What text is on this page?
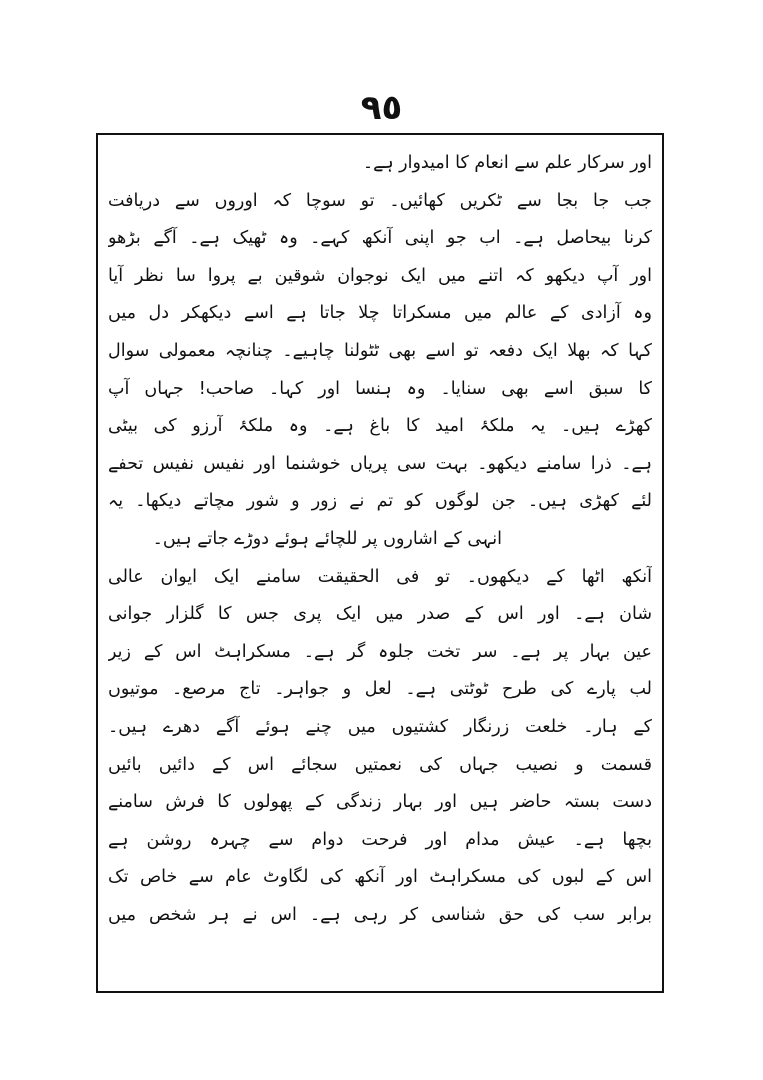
٩٥
اور سرکار علم سے انعام کا امیدوار ہے۔
جب جا بجا سے ٹکریں کھائیں۔ تو سوچا کہ اوروں سے دریافت
کرنا بیحاصل ہے۔ اب جو اپنی آنکھ کہے۔ وہ ٹھیک ہے۔ آگے بڑھو
اور آپ دیکھو کہ اتنے میں ایک نوجوان شوقین بے پروا سا نظر آیا
وہ آزادی کے عالم میں مسکراتا چلا جاتا ہے اسے دیکھکر دل میں
کہا کہ بھلا ایک دفعہ تو اسے بھی ٹٹولنا چاہیے۔ چنانچہ معمولی سوال
کا سبق اسے بھی سنایا۔ وہ ہنسا اور کہا۔ صاحب! جہاں آپ
کھڑے ہیں۔ یہ ملکۂ امید کا باغ ہے۔ وہ ملکۂ آرزو کی بیٹی
ہے۔ ذرا سامنے دیکھو۔ بہت سی پریاں خوشنما اور نفیس نفیس تحفے
لئے کھڑی ہیں۔ جن لوگوں کو تم نے زور و شور مچاتے دیکھا۔ یہ
انہی کے اشاروں پر للچائے ہوئے دوڑے جاتے ہیں۔
آنکھ اٹھا کے دیکھوں۔ تو فی الحقیقت سامنے ایک ایوان عالی
شان ہے۔ اور اس کے صدر میں ایک پری جس کا گلزار جوانی
عین بہار پر ہے۔ سر تخت جلوہ گر ہے۔ مسکراہٹ اس کے زیر
لب پارے کی طرح ٹوٹتی ہے۔ لعل و جواہر۔ تاج مرصع۔ موتیوں
کے ہار۔ خلعت زرنگار کشتیوں میں چنے ہوئے آگے دھرے ہیں۔
قسمت و نصیب جہاں کی نعمتیں سجائے اس کے دائیں بائیں
دست بستہ حاضر ہیں اور بہار زندگی کے پھولوں کا فرش سامنے
بچھا ہے۔ عیش مدام اور فرحت دوام سے چہرہ روشن ہے
اس کے لبوں کی مسکراہٹ اور آنکھ کی لگاوٹ عام سے خاص تک
برابر سب کی حق شناسی کر رہی ہے۔ اس نے ہر شخص میں
